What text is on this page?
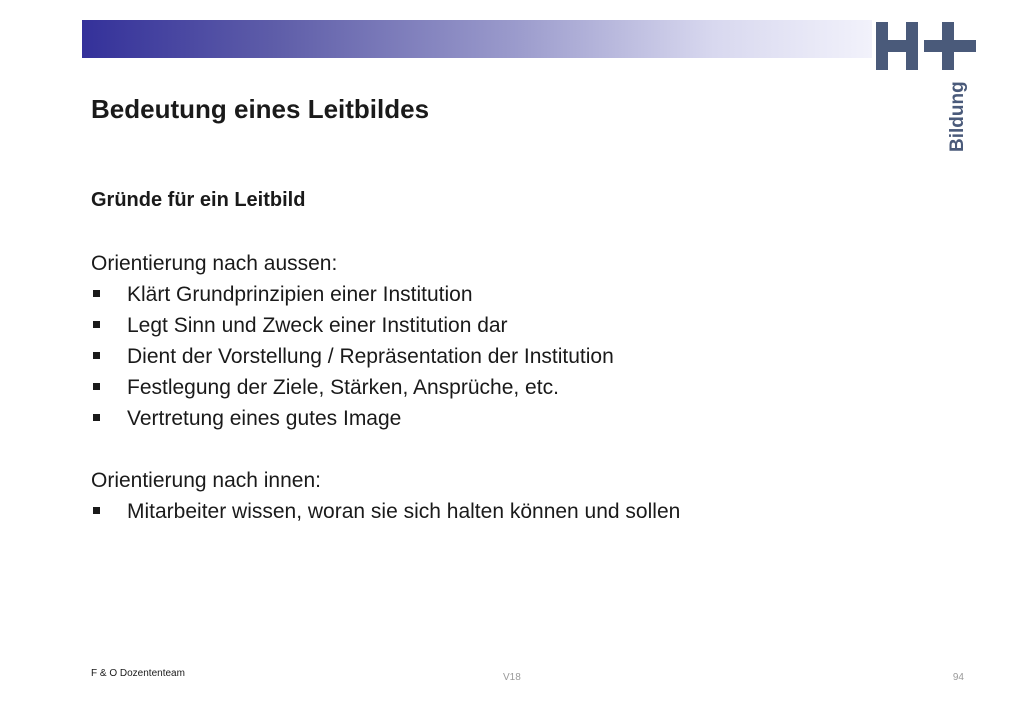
Bildung
Bedeutung eines Leitbildes

Gründe für ein Leitbild

Orientierung nach aussen:

Klärt Grundprinzipien einer Institution
Legt Sinn und Zweck einer Institution dar
Dient der Vorstellung / Repräsentation der Institution
Festlegung der Ziele, Stärken, Ansprüche, etc.
Vertretung eines gutes Image

Orientierung nach innen:

Mitarbeiter wissen, woran sie sich halten können und sollen
F & O Dozententeam	V18	94
